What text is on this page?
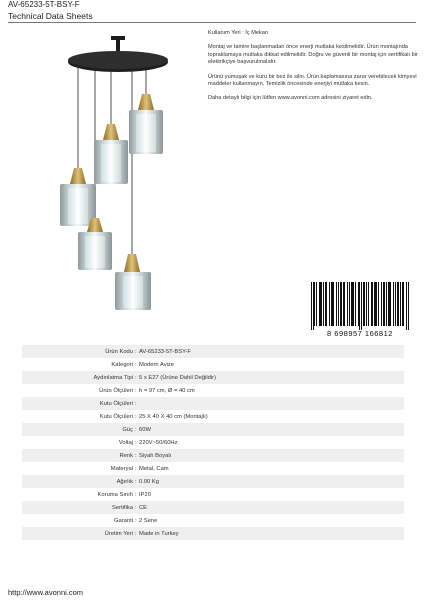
AV-65233-5T-BSY-F
Technical Data Sheets

Kullanım Yeri : İç Mekan

Montaj ve tamire başlanmadan önce enerji mutlaka kesilmelidir. Ürün montajında topraklamaya mutlaka dikkat edilmelidir. Doğru ve güvenli bir montaj için sertifikalı bir elektrikçiye başvurulmalıdır.

Ürünü yumuşak ve kuru bir bez ile silin. Ürün kaplamasına zarar verebilecek kimyevi maddeler kullanmayın. Temizlik öncesinde enerjiyi mutlaka kesin.

Daha detaylı bilgi için lütfen www.avonni.com adresini ziyaret edin.

8 698957 166812
Ürün Kodu : AV-65233-5T-BSY-F
Kategori : Modern Avize
Aydınlatma Tipi : 5 x E27 (Ürüne Dahil Değildir)
Ürün Ölçüleri : h = 97 cm, Ø = 40 cm
Kutu Ölçüleri :
Kutu Ölçüleri : 25 X 40 X 40 cm (Montajlı)
Güç : 60W
Voltaj : 220V~50/60Hz
Renk : Siyah Boyalı
Materyal : Metal, Cam
Ağırlık : 0.00 Kg
Koruma Sınıfı : IP20
Sertifika : CE
Garanti : 2 Sene
Üretim Yeri : Made in Turkey
http://www.avonni.com
